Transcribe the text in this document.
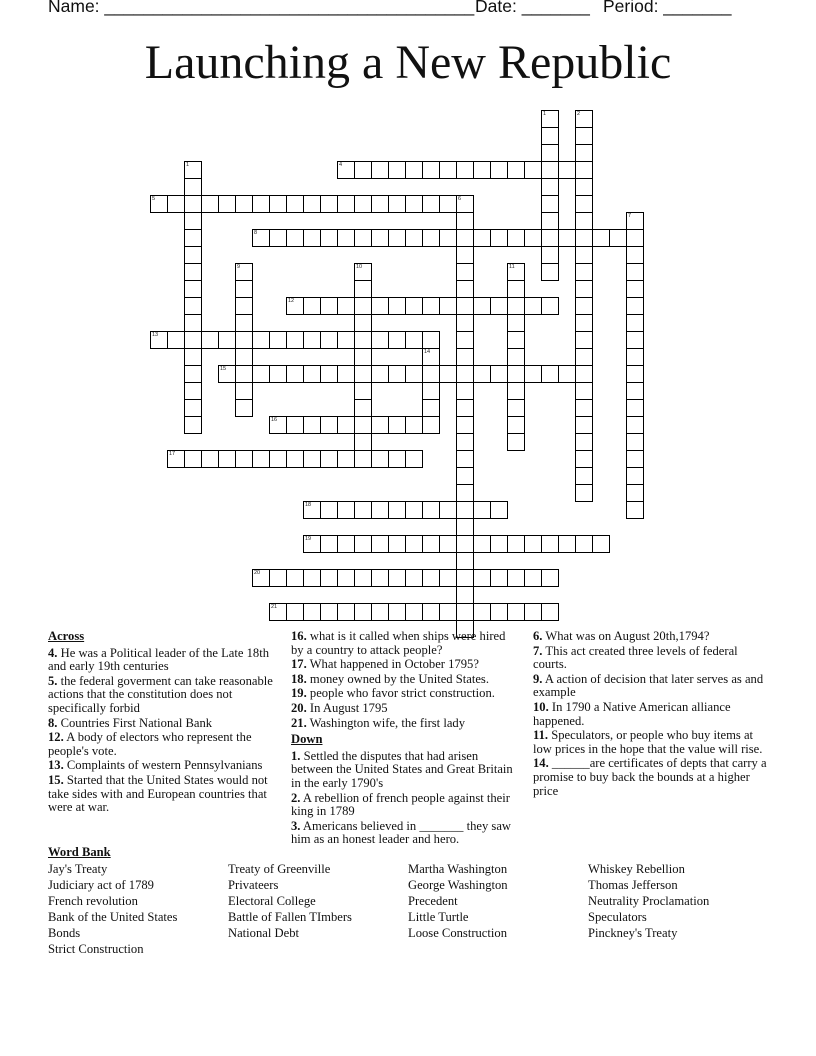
Name: ______________________________________ Date: _______ Period: _______
Launching a New Republic
1	2
4
1
5	6
7
8
9	10	11
12
13
14
15
16
17
18
19
20
21
Across
4. He was a Political leader of the Late 18th and early 19th centuries
5. the federal goverment can take reasonable actions that the constitution does not specifically forbid
8. Countries First National Bank
12. A body of electors who represent the people's vote.
13. Complaints of western Pennsylvanians
15. Started that the United States would not take sides with and European countries that were at war.
16. what is it called when ships were hired by a country to attack people?
17. What happened in October 1795?
18. money owned by the United States.
19. people who favor strict construction.
20. In August 1795
21. Washington wife, the first lady
Down
1. Settled the disputes that had arisen between the United States and Great Britain in the early 1790's
2. A rebellion of french people against their king in 1789
3. Americans believed in _______ they saw him as an honest leader and hero.
6. What was on August 20th,1794?
7. This act created three levels of federal courts.
9. A action of decision that later serves as and example
10. In 1790 a Native American alliance happened.
11. Speculators, or people who buy items at low prices in the hope that the value will rise.
14. ______are certificates of depts that carry a promise to buy back the bounds at a higher price
Word Bank
Jay's Treaty
Judiciary act of 1789
French revolution
Bank of the United States
Bonds
Strict Construction
Treaty of Greenville
Privateers
Electoral College
Battle of Fallen TImbers
National Debt
Martha Washington
George Washington
Precedent
Little Turtle
Loose Construction
Whiskey Rebellion
Thomas Jefferson
Neutrality Proclamation
Speculators
Pinckney's Treaty
